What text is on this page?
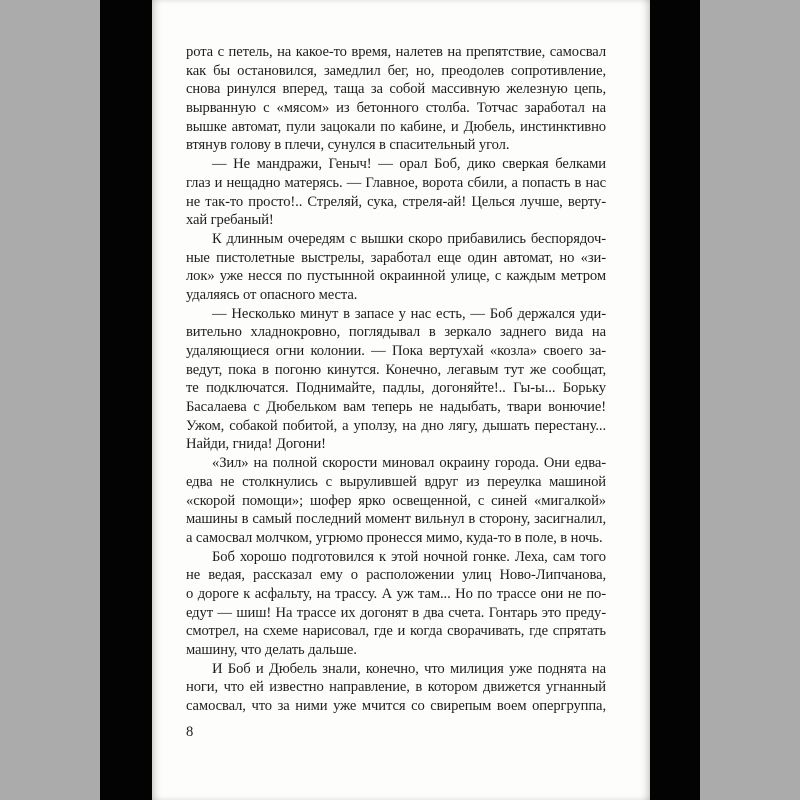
рота с петель, на какое-то время, налетев на препятствие, самосвал
как бы остановился, замедлил бег, но, преодолев сопротивление,
снова ринулся вперед, таща за собой массивную железную цепь,
вырванную с «мясом» из бетонного столба. Тотчас заработал на
вышке автомат, пули зацокали по кабине, и Дюбель, инстинктивно
втянув голову в плечи, сунулся в спасительный угол.
— Не мандражи, Геныч! — орал Боб, дико сверкая белками
глаз и нещадно матерясь. — Главное, ворота сбили, а попасть в нас
не так-то просто!.. Стреляй, сука, стреля-ай! Целься лучше, верту-
хай гребаный!
К длинным очередям с вышки скоро прибавились беспорядоч-
ные пистолетные выстрелы, заработал еще один автомат, но «зи-
лок» уже несся по пустынной окраинной улице, с каждым метром
удаляясь от опасного места.
— Несколько минут в запасе у нас есть, — Боб держался уди-
вительно хладнокровно, поглядывал в зеркало заднего вида на
удаляющиеся огни колонии. — Пока вертухай «козла» своего за-
ведут, пока в погоню кинутся. Конечно, легавым тут же сообщат,
те подключатся. Поднимайте, падлы, догоняйте!.. Гы-ы... Борьку
Басалаева с Дюбельком вам теперь не надыбать, твари вонючие!
Ужом, собакой побитой, а уползу, на дно лягу, дышать перестану...
Найди, гнида! Догони!
«Зил» на полной скорости миновал окраину города. Они едва-
едва не столкнулись с вырулившей вдруг из переулка машиной
«скорой помощи»; шофер ярко освещенной, с синей «мигалкой»
машины в самый последний момент вильнул в сторону, засигналил,
а самосвал молчком, угрюмо пронесся мимо, куда-то в поле, в ночь.
Боб хорошо подготовился к этой ночной гонке. Леха, сам того
не ведая, рассказал ему о расположении улиц Ново-Липчанова,
о дороге к асфальту, на трассу. А уж там... Но по трассе они не по-
едут — шиш! На трассе их догонят в два счета. Гонтарь это преду-
смотрел, на схеме нарисовал, где и когда сворачивать, где спрятать
машину, что делать дальше.
И Боб и Дюбель знали, конечно, что милиция уже поднята на
ноги, что ей известно направление, в котором движется угнанный
самосвал, что за ними уже мчится со свирепым воем опергруппа,
8
